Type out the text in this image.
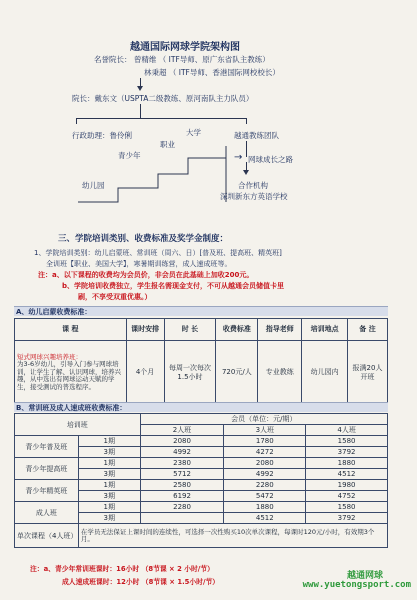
越通国际网球学院架构图
名誉院长： 曾精维 （ ITF导师、原广东省队主教练）
林秉超 （ ITF导师、香港国际网校校长）
院长：戴东文（USPTA二级教练、原河南队主力队员）
行政助理：鲁伶俐	越通教练团队
幼儿园
青少年
职业
大学
→ 网球成长之路
合作机构
深圳新东方英语学校
三、学院培训类别、收费标准及奖学金制度：
1、学院培训类别：幼儿启蒙班、常训班（周六、日）[普及班、提高班、精英班]
全训班【职业、美国大学】，寒暑期训练营，成人速成班等。
注：a、以下课程的收费均为会员价，非会员在此基础上加收200元。
b、学院培训收费独立，学生报名需现金支付，不可从越通会员储值卡里
刷，不享受双重优惠。）
A、幼儿启蒙收费标准：
课 程	课时安排	时 长	收费标准	指导老师	培训地点	备 注
短式网球兴趣培养班：
为3-6岁幼儿，引导入门参与网球培训，让学生了解、认识网球，培养兴趣，从中选出有网球运动天赋的学生，接受测试的普选程序。	4个月	每周一次每次1.5小时	720元/人	专业教练	幼儿园内	报满20人开班
B、常训班及成人速成班收费标准：
培训班		会员（单位：元/期）		
		2人班	3人班	4人班
青少年普及班	1期	2080	1780	1580
	3期	4992	4272	3792
青少年提高班	1期	2380	2080	1880
	3期	5712	4992	4512
青少年精英班	1期	2580	2280	1980
	3期	6192	5472	4752
成人班	1期	2280	1880	1580
	3期		4512	3792
单次课程（4人班）	在学员无法保证上课时间的连续性，可选择一次性购买10次单次课程，每课时120元/小时，有效期3个月。			
注：a、青少年常训班课时：16小时 （8节课 × 2 小时/节）
成人速成班课时：12小时 （8节课 × 1.5小时/节）
越通网球
www.yuetongsport.com
